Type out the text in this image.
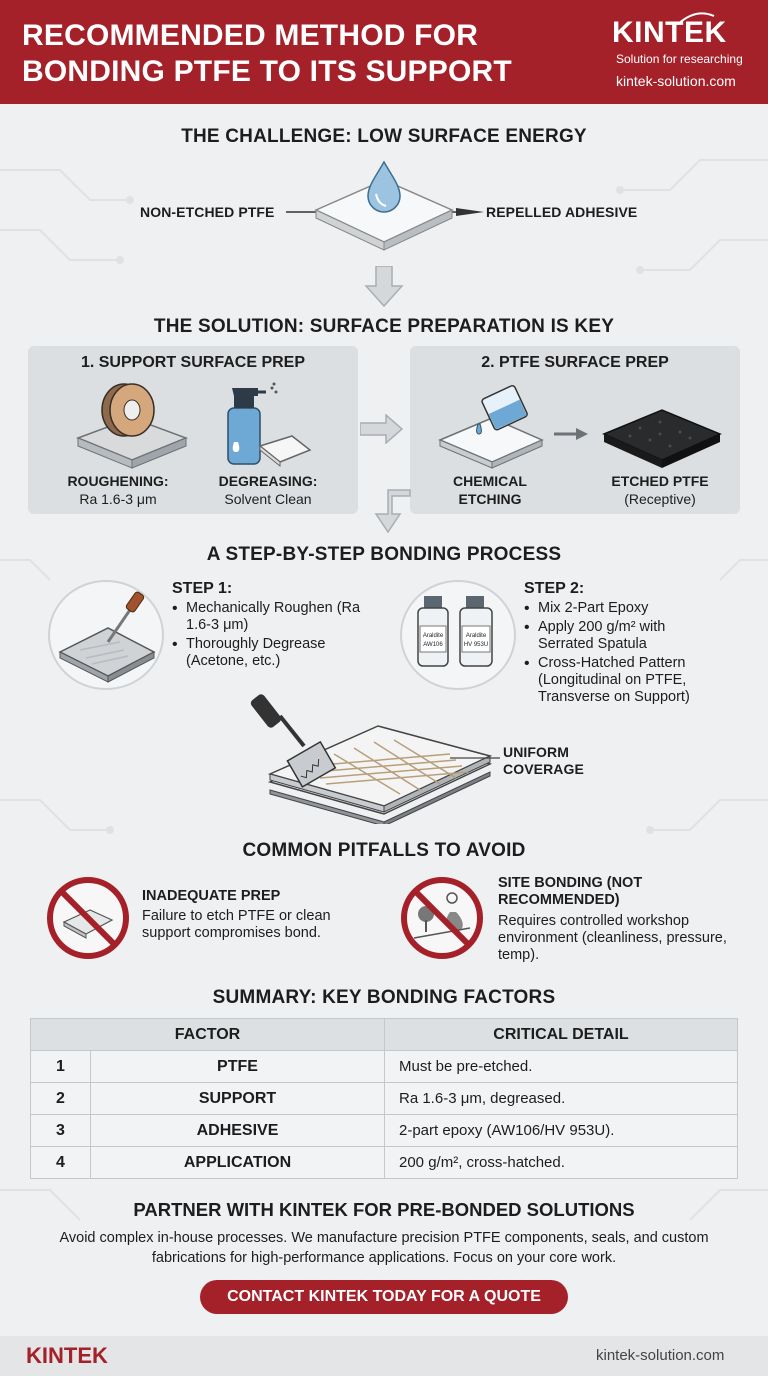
RECOMMENDED METHOD FOR BONDING PTFE TO ITS SUPPORT
KINTEK
Solution for researching
kintek-solution.com
THE CHALLENGE: LOW SURFACE ENERGY
NON-ETCHED PTFE	REPELLED ADHESIVE
THE SOLUTION: SURFACE PREPARATION IS KEY
1. SUPPORT SURFACE PREP
ROUGHENING:
Ra 1.6-3 μm
DEGREASING:
Solvent Clean
2. PTFE SURFACE PREP
CHEMICAL ETCHING
ETCHED PTFE
(Receptive)
A STEP-BY-STEP BONDING PROCESS
STEP 1:
• Mechanically Roughen (Ra 1.6-3 μm)
• Thoroughly Degrease (Acetone, etc.)
Araldite
AW106
Araldite
HV 953U
STEP 2:
• Mix 2-Part Epoxy
• Apply 200 g/m² with Serrated Spatula
• Cross-Hatched Pattern (Longitudinal on PTFE, Transverse on Support)
UNIFORM COVERAGE
COMMON PITFALLS TO AVOID
INADEQUATE PREP
Failure to etch PTFE or clean support compromises bond.
SITE BONDING (NOT RECOMMENDED)
Requires controlled workshop environment (cleanliness, pressure, temp).
SUMMARY: KEY BONDING FACTORS
FACTOR		CRITICAL DETAIL
1	PTFE	Must be pre-etched.
2	SUPPORT	Ra 1.6-3 μm, degreased.
3	ADHESIVE	2-part epoxy (AW106/HV 953U).
4	APPLICATION	200 g/m², cross-hatched.
PARTNER WITH KINTEK FOR PRE-BONDED SOLUTIONS
Avoid complex in-house processes. We manufacture precision PTFE components, seals, and custom fabrications for high-performance applications. Focus on your core work.
CONTACT KINTEK TODAY FOR A QUOTE
KINTEK	kintek-solution.com
